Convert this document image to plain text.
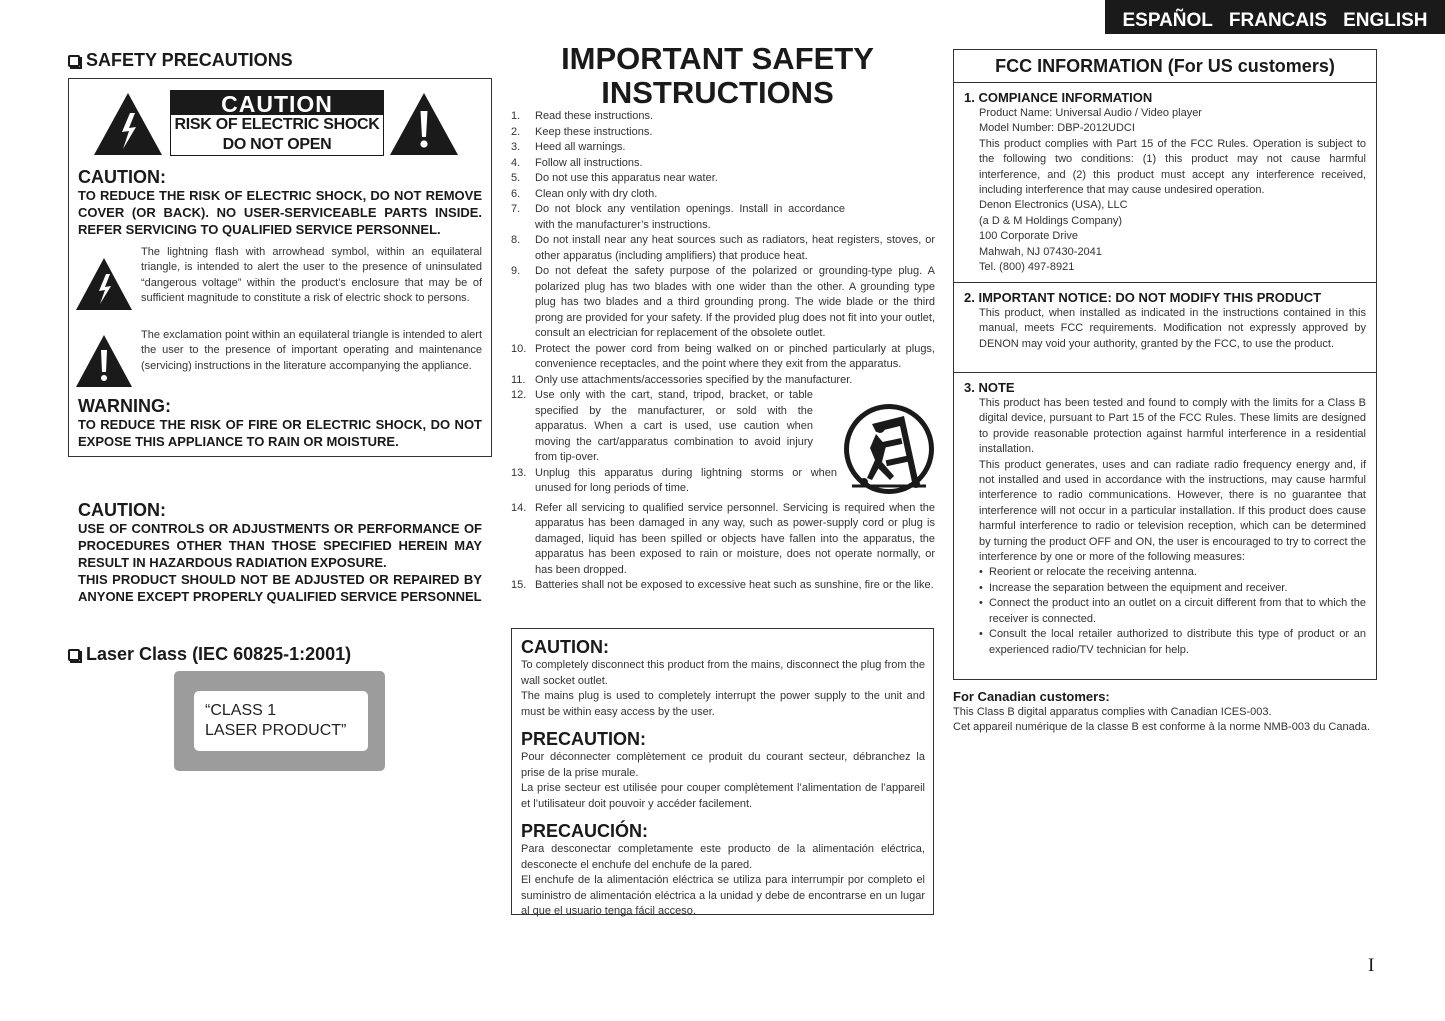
ESPAÑOL FRANCAIS ENGLISH
SAFETY PRECAUTIONS
CAUTION
RISK OF ELECTRIC SHOCK
DO NOT OPEN
CAUTION:
TO REDUCE THE RISK OF ELECTRIC SHOCK, DO NOT REMOVE COVER (OR BACK). NO USER-SERVICEABLE PARTS INSIDE. REFER SERVICING TO QUALIFIED SERVICE PERSONNEL.
The lightning flash with arrowhead symbol, within an equilateral triangle, is intended to alert the user to the presence of uninsulated “dangerous voltage” within the product’s enclosure that may be of sufficient magnitude to constitute a risk of electric shock to persons.
The exclamation point within an equilateral triangle is intended to alert the user to the presence of important operating and maintenance (servicing) instructions in the literature accompanying the appliance.
WARNING:
TO REDUCE THE RISK OF FIRE OR ELECTRIC SHOCK, DO NOT EXPOSE THIS APPLIANCE TO RAIN OR MOISTURE.
CAUTION:
USE OF CONTROLS OR ADJUSTMENTS OR PERFORMANCE OF PROCEDURES OTHER THAN THOSE SPECIFIED HEREIN MAY RESULT IN HAZARDOUS RADIATION EXPOSURE.
THIS PRODUCT SHOULD NOT BE ADJUSTED OR REPAIRED BY ANYONE EXCEPT PROPERLY QUALIFIED SERVICE PERSONNEL
Laser Class (IEC 60825-1:2001)
“CLASS 1
LASER PRODUCT”
IMPORTANT SAFETY
INSTRUCTIONS
1. Read these instructions.
2. Keep these instructions.
3. Heed all warnings.
4. Follow all instructions.
5. Do not use this apparatus near water.
6. Clean only with dry cloth.
7. Do not block any ventilation openings. Install in accordance with the manufacturer’s instructions.
8. Do not install near any heat sources such as radiators, heat registers, stoves, or other apparatus (including amplifiers) that produce heat.
9. Do not defeat the safety purpose of the polarized or grounding-type plug. A polarized plug has two blades with one wider than the other. A grounding type plug has two blades and a third grounding prong. The wide blade or the third prong are provided for your safety. If the provided plug does not fit into your outlet, consult an electrician for replacement of the obsolete outlet.
10. Protect the power cord from being walked on or pinched particularly at plugs, convenience receptacles, and the point where they exit from the apparatus.
11. Only use attachments/accessories specified by the manufacturer.
12. Use only with the cart, stand, tripod, bracket, or table specified by the manufacturer, or sold with the apparatus. When a cart is used, use caution when moving the cart/apparatus combination to avoid injury from tip-over.
13. Unplug this apparatus during lightning storms or when unused for long periods of time.
14. Refer all servicing to qualified service personnel. Servicing is required when the apparatus has been damaged in any way, such as power-supply cord or plug is damaged, liquid has been spilled or objects have fallen into the apparatus, the apparatus has been exposed to rain or moisture, does not operate normally, or has been dropped.
15. Batteries shall not be exposed to excessive heat such as sunshine, fire or the like.
CAUTION:

To completely disconnect this product from the mains, disconnect the plug from the wall socket outlet.

The mains plug is used to completely interrupt the power supply to the unit and must be within easy access by the user.

PRECAUTION:

Pour déconnecter complètement ce produit du courant secteur, débranchez la prise de la prise murale.

La prise secteur est utilisée pour couper complètement l’alimentation de l’appareil et l’utilisateur doit pouvoir y accéder facilement.

PRECAUCIÓN:

Para desconectar completamente este producto de la alimentación eléctrica, desconecte el enchufe del enchufe de la pared.

El enchufe de la alimentación eléctrica se utiliza para interrumpir por completo el suministro de alimentación eléctrica a la unidad y debe de encontrarse en un lugar al que el usuario tenga fácil acceso.

FCC INFORMATION (For US customers)
1. COMPIANCE INFORMATION

Product Name: Universal Audio / Video player

Model Number: DBP-2012UDCI

This product complies with Part 15 of the FCC Rules. Operation is subject to the following two conditions: (1) this product may not cause harmful interference, and (2) this product must accept any interference received, including interference that may cause undesired operation.

Denon Electronics (USA), LLC

(a D & M Holdings Company)

100 Corporate Drive

Mahwah, NJ 07430-2041

Tel. (800) 497-8921

2. IMPORTANT NOTICE: DO NOT MODIFY THIS PRODUCT

This product, when installed as indicated in the instructions contained in this manual, meets FCC requirements. Modification not expressly approved by DENON may void your authority, granted by the FCC, to use the product.

3. NOTE

This product has been tested and found to comply with the limits for a Class B digital device, pursuant to Part 15 of the FCC Rules. These limits are designed to provide reasonable protection against harmful interference in a residential installation.

This product generates, uses and can radiate radio frequency energy and, if not installed and used in accordance with the instructions, may cause harmful interference to radio communications. However, there is no guarantee that interference will not occur in a particular installation. If this product does cause harmful interference to radio or television reception, which can be determined by turning the product OFF and ON, the user is encouraged to try to correct the interference by one or more of the following measures:

• Reorient or relocate the receiving antenna.

• Increase the separation between the equipment and receiver.

• Connect the product into an outlet on a circuit different from that to which the receiver is connected.

• Consult the local retailer authorized to distribute this type of product or an experienced radio/TV technician for help.

For Canadian customers:

This Class B digital apparatus complies with Canadian ICES-003.

Cet appareil numérique de la classe B est conforme à la norme NMB-003 du Canada.

I
